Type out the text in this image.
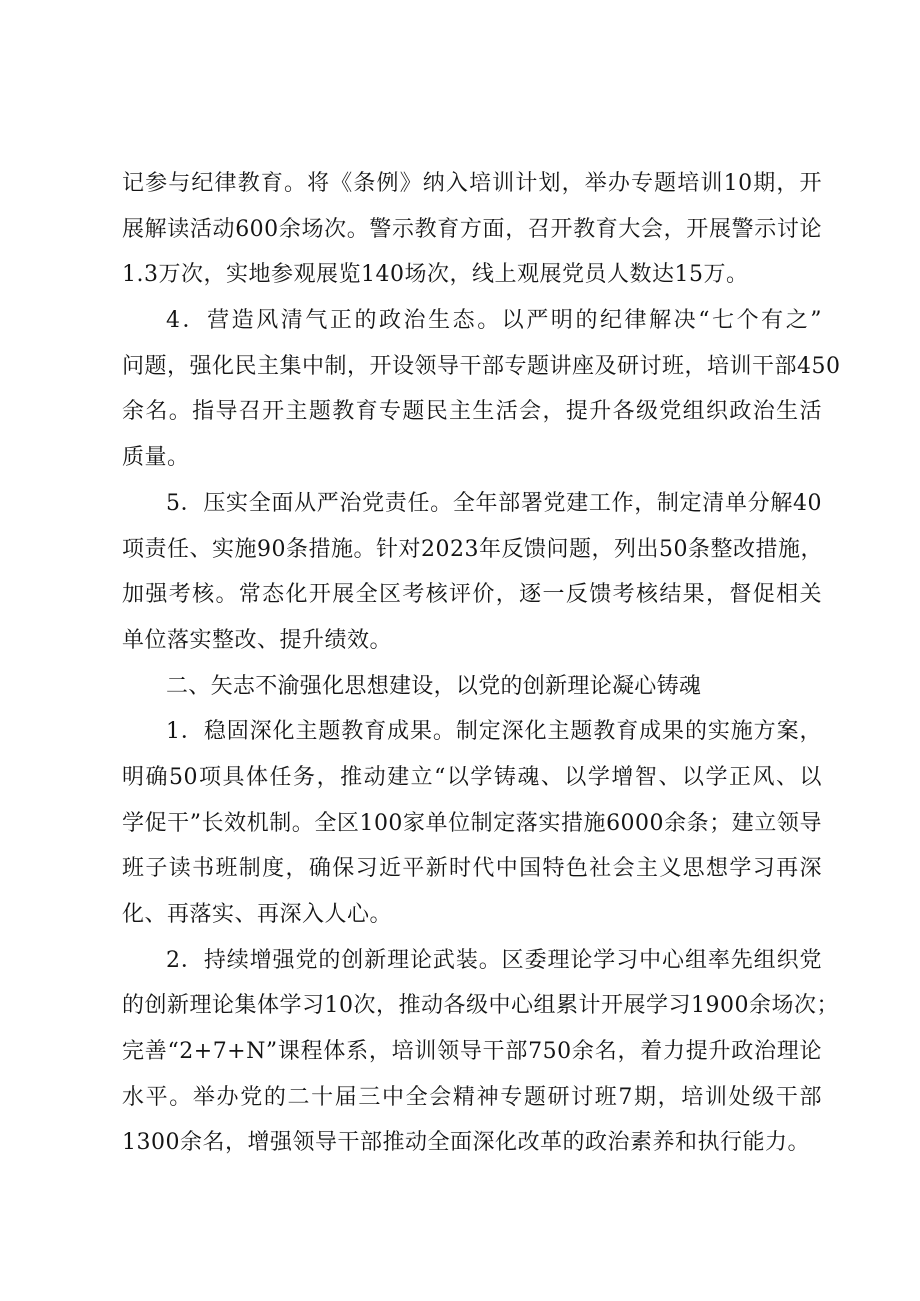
记参与纪律教育。将《条例》纳入培训计划，举办专题培训10期，开
展解读活动600余场次。警示教育方面，召开教育大会，开展警示讨论
1.3万次，实地参观展览140场次，线上观展党员人数达15万。
4．营造风清气正的政治生态。以严明的纪律解决“七个有之”
问题，强化民主集中制，开设领导干部专题讲座及研讨班，培训干部450
余名。指导召开主题教育专题民主生活会，提升各级党组织政治生活
质量。
5．压实全面从严治党责任。全年部署党建工作，制定清单分解40
项责任、实施90条措施。针对2023年反馈问题，列出50条整改措施，
加强考核。常态化开展全区考核评价，逐一反馈考核结果，督促相关
单位落实整改、提升绩效。
二、矢志不渝强化思想建设，以党的创新理论凝心铸魂
1．稳固深化主题教育成果。制定深化主题教育成果的实施方案，
明确50项具体任务，推动建立“以学铸魂、以学增智、以学正风、以
学促干”长效机制。全区100家单位制定落实措施6000余条；建立领导
班子读书班制度，确保习近平新时代中国特色社会主义思想学习再深
化、再落实、再深入人心。
2．持续增强党的创新理论武装。区委理论学习中心组率先组织党
的创新理论集体学习10次，推动各级中心组累计开展学习1900余场次；
完善“2+7+N”课程体系，培训领导干部750余名，着力提升政治理论
水平。举办党的二十届三中全会精神专题研讨班7期，培训处级干部
1300余名，增强领导干部推动全面深化改革的政治素养和执行能力。
